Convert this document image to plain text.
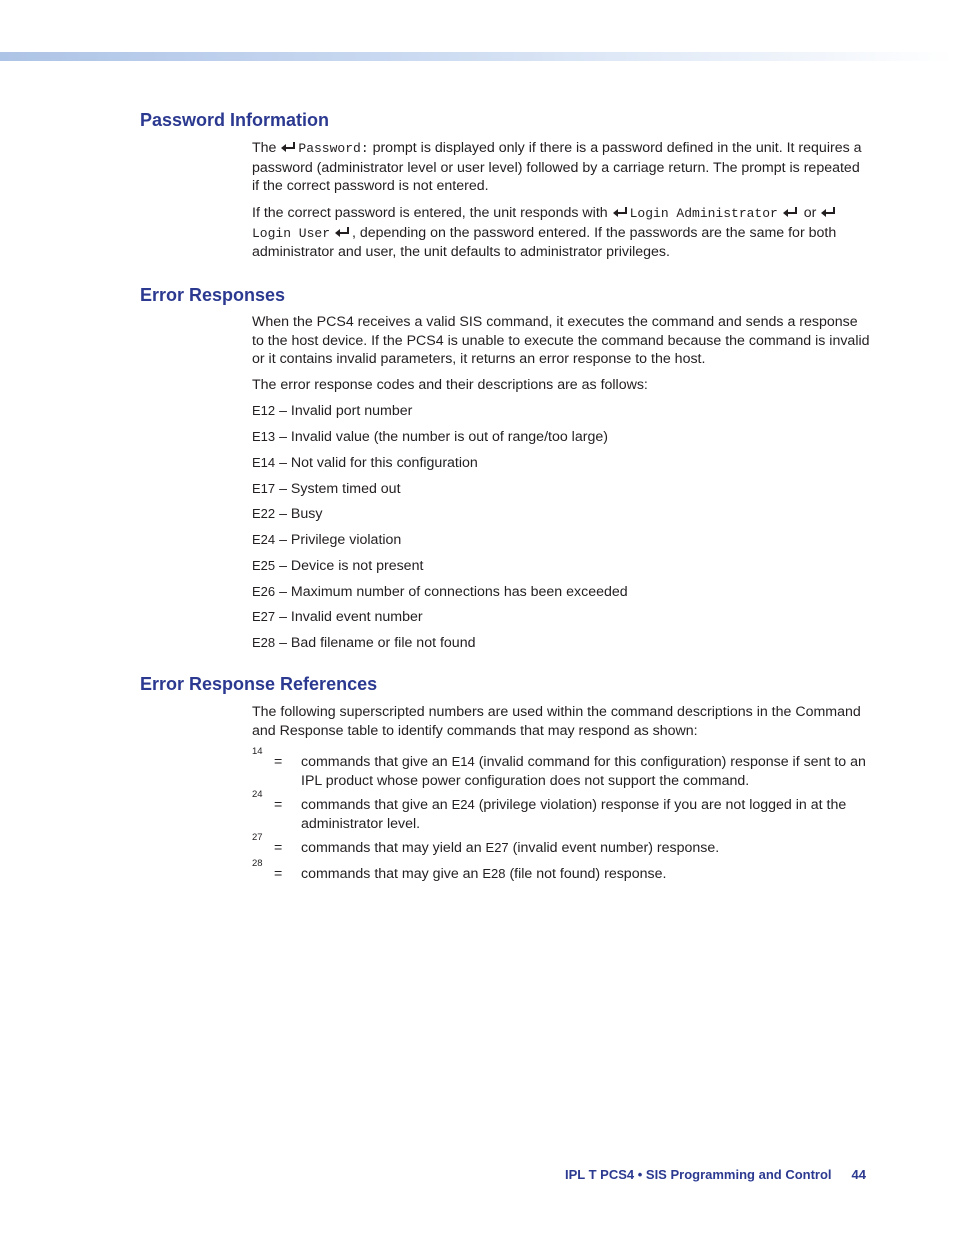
Password Information

The Password: prompt is displayed only if there is a password defined in the unit. It requires a password (administrator level or user level) followed by a carriage return. The prompt is repeated if the correct password is not entered.

If the correct password is entered, the unit responds with Login Administrator  or Login User , depending on the password entered. If the passwords are the same for both administrator and user, the unit defaults to administrator privileges.

Error Responses

When the PCS4 receives a valid SIS command, it executes the command and sends a response to the host device. If the PCS4 is unable to execute the command because the command is invalid or it contains invalid parameters, it returns an error response to the host.

The error response codes and their descriptions are as follows:

E12 – Invalid port number

E13 – Invalid value (the number is out of range/too large)

E14 – Not valid for this configuration

E17 – System timed out

E22 – Busy

E24 – Privilege violation

E25 – Device is not present

E26 – Maximum number of connections has been exceeded

E27 – Invalid event number

E28 – Bad filename or file not found

Error Response References

The following superscripted numbers are used within the command descriptions in the Command and Response table to identify commands that may respond as shown:

14
= commands that give an E14 (invalid command for this configuration) response if sent to an IPL product whose power configuration does not support the command.
24
= commands that give an E24 (privilege violation) response if you are not logged in at the administrator level.
27
= commands that may yield an E27 (invalid event number) response.
28
= commands that may give an E28 (file not found) response.
IPL T PCS4 • SIS Programming and Control 44
